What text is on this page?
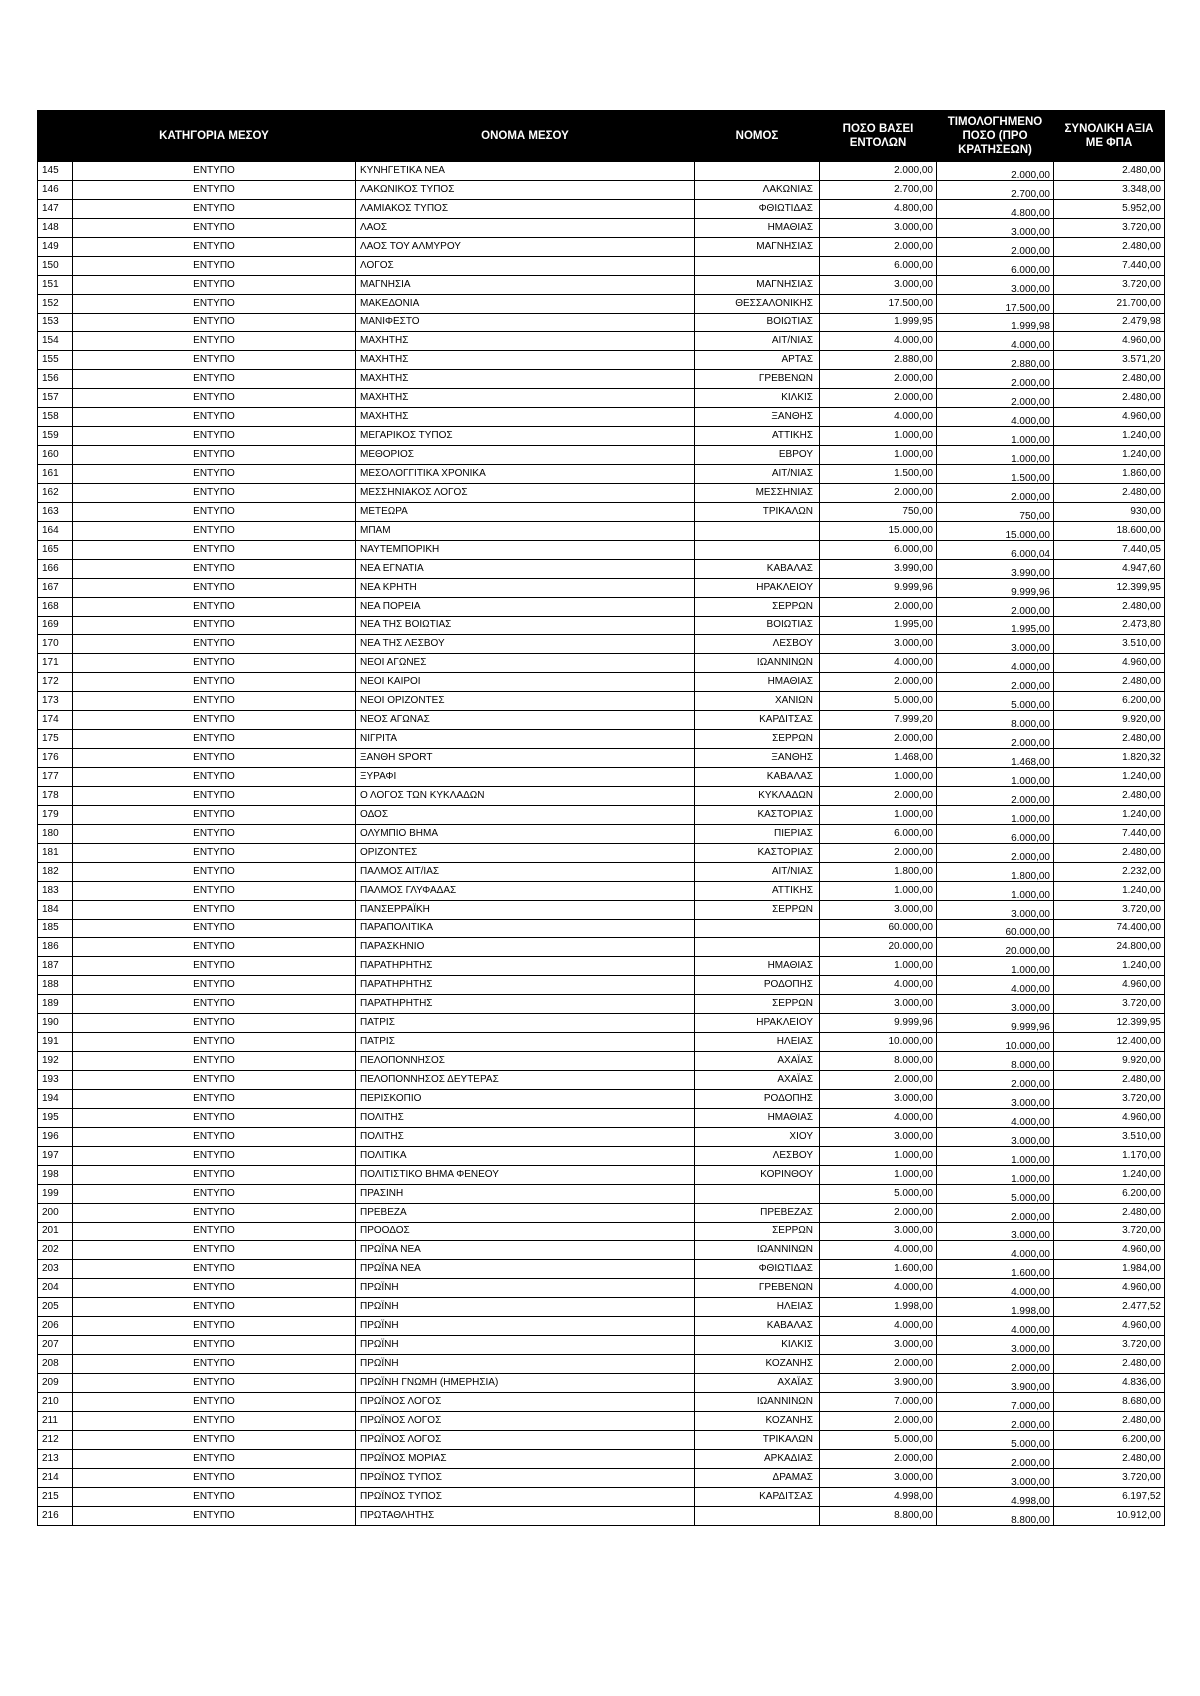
	ΚΑΤΗΓΟΡΙΑ ΜΕΣΟΥ	ΟΝΟΜΑ ΜΕΣΟΥ	ΝΟΜΟΣ	ΠΟΣΟ ΒΑΣΕΙ ΕΝΤΟΛΩΝ	ΤΙΜΟΛΟΓΗΜΕΝΟ ΠΟΣΟ (ΠΡΟ ΚΡΑΤΗΣΕΩΝ)	ΣΥΝΟΛΙΚΗ ΑΞΙΑ ΜΕ ΦΠΑ
145	ΕΝΤΥΠΟ	ΚΥΝΗΓΕΤΙΚΑ ΝΕΑ		2.000,00	2.000,00	2.480,00
146	ΕΝΤΥΠΟ	ΛΑΚΩΝΙΚΟΣ ΤΥΠΟΣ	ΛΑΚΩΝΙΑΣ	2.700,00	2.700,00	3.348,00
147	ΕΝΤΥΠΟ	ΛΑΜΙΑΚΟΣ ΤΥΠΟΣ	ΦΘΙΩΤΙΔΑΣ	4.800,00	4.800,00	5.952,00
148	ΕΝΤΥΠΟ	ΛΑΟΣ	ΗΜΑΘΙΑΣ	3.000,00	3.000,00	3.720,00
149	ΕΝΤΥΠΟ	ΛΑΟΣ ΤΟΥ ΑΛΜΥΡΟΥ	ΜΑΓΝΗΣΙΑΣ	2.000,00	2.000,00	2.480,00
150	ΕΝΤΥΠΟ	ΛΟΓΟΣ		6.000,00	6.000,00	7.440,00
151	ΕΝΤΥΠΟ	ΜΑΓΝΗΣΙΑ	ΜΑΓΝΗΣΙΑΣ	3.000,00	3.000,00	3.720,00
152	ΕΝΤΥΠΟ	ΜΑΚΕΔΟΝΙΑ	ΘΕΣΣΑΛΟΝΙΚΗΣ	17.500,00	17.500,00	21.700,00
153	ΕΝΤΥΠΟ	ΜΑΝΙΦΕΣΤΟ	ΒΟΙΩΤΙΑΣ	1.999,95	1.999,98	2.479,98
154	ΕΝΤΥΠΟ	ΜΑΧΗΤΗΣ	ΑΙΤ/ΝΙΑΣ	4.000,00	4.000,00	4.960,00
155	ΕΝΤΥΠΟ	ΜΑΧΗΤΗΣ	ΑΡΤΑΣ	2.880,00	2.880,00	3.571,20
156	ΕΝΤΥΠΟ	ΜΑΧΗΤΗΣ	ΓΡΕΒΕΝΩΝ	2.000,00	2.000,00	2.480,00
157	ΕΝΤΥΠΟ	ΜΑΧΗΤΗΣ	ΚΙΛΚΙΣ	2.000,00	2.000,00	2.480,00
158	ΕΝΤΥΠΟ	ΜΑΧΗΤΗΣ	ΞΑΝΘΗΣ	4.000,00	4.000,00	4.960,00
159	ΕΝΤΥΠΟ	ΜΕΓΑΡΙΚΟΣ ΤΥΠΟΣ	ΑΤΤΙΚΗΣ	1.000,00	1.000,00	1.240,00
160	ΕΝΤΥΠΟ	ΜΕΘΟΡΙΟΣ	ΕΒΡΟΥ	1.000,00	1.000,00	1.240,00
161	ΕΝΤΥΠΟ	ΜΕΣΟΛΟΓΓΙΤΙΚΑ ΧΡΟΝΙΚΑ	ΑΙΤ/ΝΙΑΣ	1.500,00	1.500,00	1.860,00
162	ΕΝΤΥΠΟ	ΜΕΣΣΗΝΙΑΚΟΣ ΛΟΓΟΣ	ΜΕΣΣΗΝΙΑΣ	2.000,00	2.000,00	2.480,00
163	ΕΝΤΥΠΟ	ΜΕΤΕΩΡΑ	ΤΡΙΚΑΛΩΝ	750,00	750,00	930,00
164	ΕΝΤΥΠΟ	ΜΠΑΜ		15.000,00	15.000,00	18.600,00
165	ΕΝΤΥΠΟ	ΝΑΥΤΕΜΠΟΡΙΚΗ		6.000,00	6.000,04	7.440,05
166	ΕΝΤΥΠΟ	ΝΕΑ ΕΓΝΑΤΙΑ	ΚΑΒΑΛΑΣ	3.990,00	3.990,00	4.947,60
167	ΕΝΤΥΠΟ	ΝΕΑ ΚΡΗΤΗ	ΗΡΑΚΛΕΙΟΥ	9.999,96	9.999,96	12.399,95
168	ΕΝΤΥΠΟ	ΝΕΑ ΠΟΡΕΙΑ	ΣΕΡΡΩΝ	2.000,00	2.000,00	2.480,00
169	ΕΝΤΥΠΟ	ΝΕΑ ΤΗΣ ΒΟΙΩΤΙΑΣ	ΒΟΙΩΤΙΑΣ	1.995,00	1.995,00	2.473,80
170	ΕΝΤΥΠΟ	ΝΕΑ ΤΗΣ ΛΕΣΒΟΥ	ΛΕΣΒΟΥ	3.000,00	3.000,00	3.510,00
171	ΕΝΤΥΠΟ	ΝΕΟΙ ΑΓΩΝΕΣ	ΙΩΑΝΝΙΝΩΝ	4.000,00	4.000,00	4.960,00
172	ΕΝΤΥΠΟ	ΝΕΟΙ ΚΑΙΡΟΙ	ΗΜΑΘΙΑΣ	2.000,00	2.000,00	2.480,00
173	ΕΝΤΥΠΟ	ΝΕΟΙ ΟΡΙΖΟΝΤΕΣ	ΧΑΝΙΩΝ	5.000,00	5.000,00	6.200,00
174	ΕΝΤΥΠΟ	ΝΕΟΣ ΑΓΩΝΑΣ	ΚΑΡΔΙΤΣΑΣ	7.999,20	8.000,00	9.920,00
175	ΕΝΤΥΠΟ	ΝΙΓΡΙΤΑ	ΣΕΡΡΩΝ	2.000,00	2.000,00	2.480,00
176	ΕΝΤΥΠΟ	ΞΑΝΘΗ SPORT	ΞΑΝΘΗΣ	1.468,00	1.468,00	1.820,32
177	ΕΝΤΥΠΟ	ΞΥΡΑΦΙ	ΚΑΒΑΛΑΣ	1.000,00	1.000,00	1.240,00
178	ΕΝΤΥΠΟ	Ο ΛΟΓΟΣ ΤΩΝ ΚΥΚΛΑΔΩΝ	ΚΥΚΛΑΔΩΝ	2.000,00	2.000,00	2.480,00
179	ΕΝΤΥΠΟ	ΟΔΟΣ	ΚΑΣΤΟΡΙΑΣ	1.000,00	1.000,00	1.240,00
180	ΕΝΤΥΠΟ	ΟΛΥΜΠΙΟ ΒΗΜΑ	ΠΙΕΡΙΑΣ	6.000,00	6.000,00	7.440,00
181	ΕΝΤΥΠΟ	ΟΡΙΖΟΝΤΕΣ	ΚΑΣΤΟΡΙΑΣ	2.000,00	2.000,00	2.480,00
182	ΕΝΤΥΠΟ	ΠΑΛΜΟΣ ΑΙΤ/ΙΑΣ	ΑΙΤ/ΝΙΑΣ	1.800,00	1.800,00	2.232,00
183	ΕΝΤΥΠΟ	ΠΑΛΜΟΣ ΓΛΥΦΑΔΑΣ	ΑΤΤΙΚΗΣ	1.000,00	1.000,00	1.240,00
184	ΕΝΤΥΠΟ	ΠΑΝΣΕΡΡΑΪΚΗ	ΣΕΡΡΩΝ	3.000,00	3.000,00	3.720,00
185	ΕΝΤΥΠΟ	ΠΑΡΑΠΟΛΙΤΙΚΑ		60.000,00	60.000,00	74.400,00
186	ΕΝΤΥΠΟ	ΠΑΡΑΣΚΗΝΙΟ		20.000,00	20.000,00	24.800,00
187	ΕΝΤΥΠΟ	ΠΑΡΑΤΗΡΗΤΗΣ	ΗΜΑΘΙΑΣ	1.000,00	1.000,00	1.240,00
188	ΕΝΤΥΠΟ	ΠΑΡΑΤΗΡΗΤΗΣ	ΡΟΔΟΠΗΣ	4.000,00	4.000,00	4.960,00
189	ΕΝΤΥΠΟ	ΠΑΡΑΤΗΡΗΤΗΣ	ΣΕΡΡΩΝ	3.000,00	3.000,00	3.720,00
190	ΕΝΤΥΠΟ	ΠΑΤΡΙΣ	ΗΡΑΚΛΕΙΟΥ	9.999,96	9.999,96	12.399,95
191	ΕΝΤΥΠΟ	ΠΑΤΡΙΣ	ΗΛΕΙΑΣ	10.000,00	10.000,00	12.400,00
192	ΕΝΤΥΠΟ	ΠΕΛΟΠΟΝΝΗΣΟΣ	ΑΧΑΪΑΣ	8.000,00	8.000,00	9.920,00
193	ΕΝΤΥΠΟ	ΠΕΛΟΠΟΝΝΗΣΟΣ ΔΕΥΤΕΡΑΣ	ΑΧΑΪΑΣ	2.000,00	2.000,00	2.480,00
194	ΕΝΤΥΠΟ	ΠΕΡΙΣΚΟΠΙΟ	ΡΟΔΟΠΗΣ	3.000,00	3.000,00	3.720,00
195	ΕΝΤΥΠΟ	ΠΟΛΙΤΗΣ	ΗΜΑΘΙΑΣ	4.000,00	4.000,00	4.960,00
196	ΕΝΤΥΠΟ	ΠΟΛΙΤΗΣ	ΧΙΟΥ	3.000,00	3.000,00	3.510,00
197	ΕΝΤΥΠΟ	ΠΟΛΙΤΙΚΑ	ΛΕΣΒΟΥ	1.000,00	1.000,00	1.170,00
198	ΕΝΤΥΠΟ	ΠΟΛΙΤΙΣΤΙΚΟ ΒΗΜΑ ΦΕΝΕΟΥ	ΚΟΡΙΝΘΟΥ	1.000,00	1.000,00	1.240,00
199	ΕΝΤΥΠΟ	ΠΡΑΣΙΝΗ		5.000,00	5.000,00	6.200,00
200	ΕΝΤΥΠΟ	ΠΡΕΒΕΖΑ	ΠΡΕΒΕΖΑΣ	2.000,00	2.000,00	2.480,00
201	ΕΝΤΥΠΟ	ΠΡΟΟΔΟΣ	ΣΕΡΡΩΝ	3.000,00	3.000,00	3.720,00
202	ΕΝΤΥΠΟ	ΠΡΩΪΝΑ ΝΕΑ	ΙΩΑΝΝΙΝΩΝ	4.000,00	4.000,00	4.960,00
203	ΕΝΤΥΠΟ	ΠΡΩΪΝΑ ΝΕΑ	ΦΘΙΩΤΙΔΑΣ	1.600,00	1.600,00	1.984,00
204	ΕΝΤΥΠΟ	ΠΡΩΪΝΗ	ΓΡΕΒΕΝΩΝ	4.000,00	4.000,00	4.960,00
205	ΕΝΤΥΠΟ	ΠΡΩΪΝΗ	ΗΛΕΙΑΣ	1.998,00	1.998,00	2.477,52
206	ΕΝΤΥΠΟ	ΠΡΩΪΝΗ	ΚΑΒΑΛΑΣ	4.000,00	4.000,00	4.960,00
207	ΕΝΤΥΠΟ	ΠΡΩΪΝΗ	ΚΙΛΚΙΣ	3.000,00	3.000,00	3.720,00
208	ΕΝΤΥΠΟ	ΠΡΩΪΝΗ	ΚΟΖΑΝΗΣ	2.000,00	2.000,00	2.480,00
209	ΕΝΤΥΠΟ	ΠΡΩΪΝΗ ΓΝΩΜΗ (ΗΜΕΡΗΣΙΑ)	ΑΧΑΪΑΣ	3.900,00	3.900,00	4.836,00
210	ΕΝΤΥΠΟ	ΠΡΩΪΝΟΣ ΛΟΓΟΣ	ΙΩΑΝΝΙΝΩΝ	7.000,00	7.000,00	8.680,00
211	ΕΝΤΥΠΟ	ΠΡΩΪΝΟΣ ΛΟΓΟΣ	ΚΟΖΑΝΗΣ	2.000,00	2.000,00	2.480,00
212	ΕΝΤΥΠΟ	ΠΡΩΪΝΟΣ ΛΟΓΟΣ	ΤΡΙΚΑΛΩΝ	5.000,00	5.000,00	6.200,00
213	ΕΝΤΥΠΟ	ΠΡΩΪΝΟΣ ΜΟΡΙΑΣ	ΑΡΚΑΔΙΑΣ	2.000,00	2.000,00	2.480,00
214	ΕΝΤΥΠΟ	ΠΡΩΪΝΟΣ ΤΥΠΟΣ	ΔΡΑΜΑΣ	3.000,00	3.000,00	3.720,00
215	ΕΝΤΥΠΟ	ΠΡΩΪΝΟΣ ΤΥΠΟΣ	ΚΑΡΔΙΤΣΑΣ	4.998,00	4.998,00	6.197,52
216	ΕΝΤΥΠΟ	ΠΡΩΤΑΘΛΗΤΗΣ		8.800,00	8.800,00	10.912,00
